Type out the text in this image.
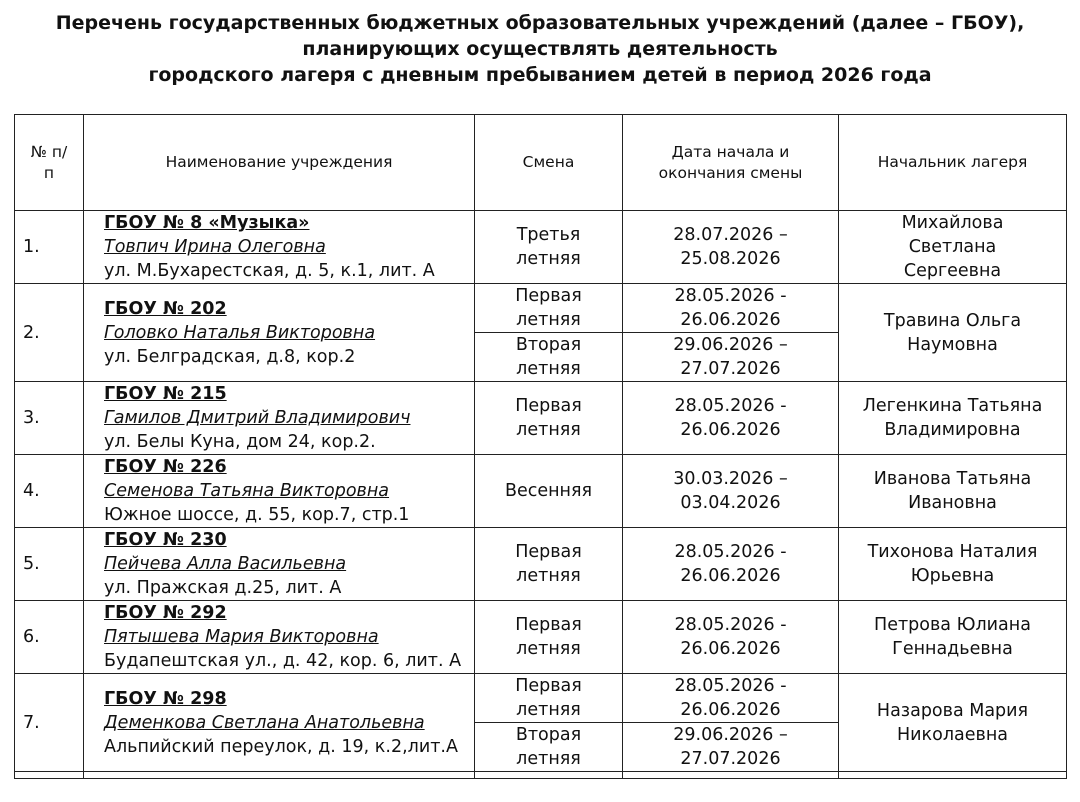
Перечень государственных бюджетных образовательных учреждений (далее – ГБОУ),
планирующих осуществлять деятельность
городского лагеря с дневным пребыванием детей в период 2026 года
№ п/п	Наименование учреждения	Смена	Дата начала и окончания смены	Начальник лагеря
1.	ГБОУ № 8 «Музыка»
Товпич Ирина Олеговна
ул. М.Бухарестская, д. 5, к.1, лит. А	Третья летняя	28.07.2026 – 25.08.2026	Михайлова Светлана Сергеевна

2.	ГБОУ № 202
Головко Наталья Викторовна
ул. Белградская, д.8, кор.2	Первая летняя	28.05.2026 - 26.06.2026	Травина Ольга Наумовна

		Вторая летняя	29.06.2026 – 27.07.2026	

3.	ГБОУ № 215
Гамилов Дмитрий Владимирович
ул. Белы Куна, дом 24, кор.2.	Первая летняя	28.05.2026 - 26.06.2026	Легенкина Татьяна Владимировна

4.	ГБОУ № 226
Семенова Татьяна Викторовна
Южное шоссе, д. 55, кор.7, стр.1	Весенняя	30.03.2026 – 03.04.2026	Иванова Татьяна Ивановна

5.	ГБОУ № 230
Пейчева Алла Васильевна
ул. Пражская д.25, лит. А	Первая летняя	28.05.2026 - 26.06.2026	Тихонова Наталия Юрьевна

6.	ГБОУ № 292
Пятышева Мария Викторовна
Будапештская ул., д. 42, кор. 6, лит. А	Первая летняя	28.05.2026 - 26.06.2026	Петрова Юлиана Геннадьевна

7.	ГБОУ № 298
Деменкова Светлана Анатольевна
Альпийский переулок, д. 19, к.2,лит.А	Первая летняя	28.05.2026 - 26.06.2026	Назарова Мария Николаевна

		Вторая летняя	29.06.2026 – 27.07.2026	
